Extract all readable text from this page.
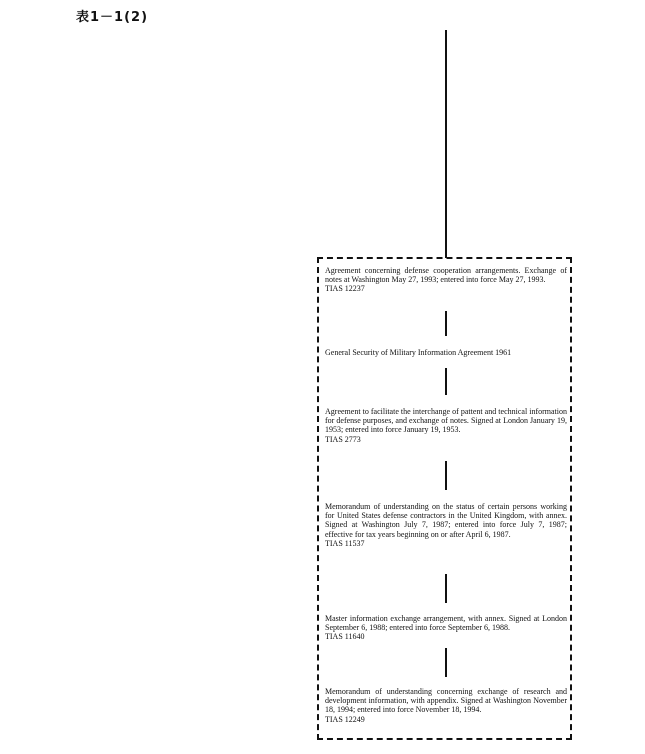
表1－1(2)
Agreement concerning defense cooperation arrangements. Exchange of notes at Washington May 27, 1993; entered into force May 27, 1993.
TIAS 12237
General Security of Military Information Agreement 1961
Agreement to facilitate the interchange of pattent and technical information for defense purposes, and exchange of notes. Signed at London January 19, 1953; entered into force January 19, 1953.
TIAS 2773
Memorandum of understanding on the status of certain persons working for United States defense contractors in the United Kingdom, with annex. Signed at Washington July 7, 1987; entered into force July 7, 1987; effective for tax years beginning on or after April 6, 1987.
TIAS 11537
Master information exchange arrangement, with annex. Signed at London September 6, 1988; entered into force September 6, 1988.
TIAS 11640
Memorandum of understanding concerning exchange of research and development information, with appendix. Signed at Washington November 18, 1994; entered into force November 18, 1994.
TIAS 12249
